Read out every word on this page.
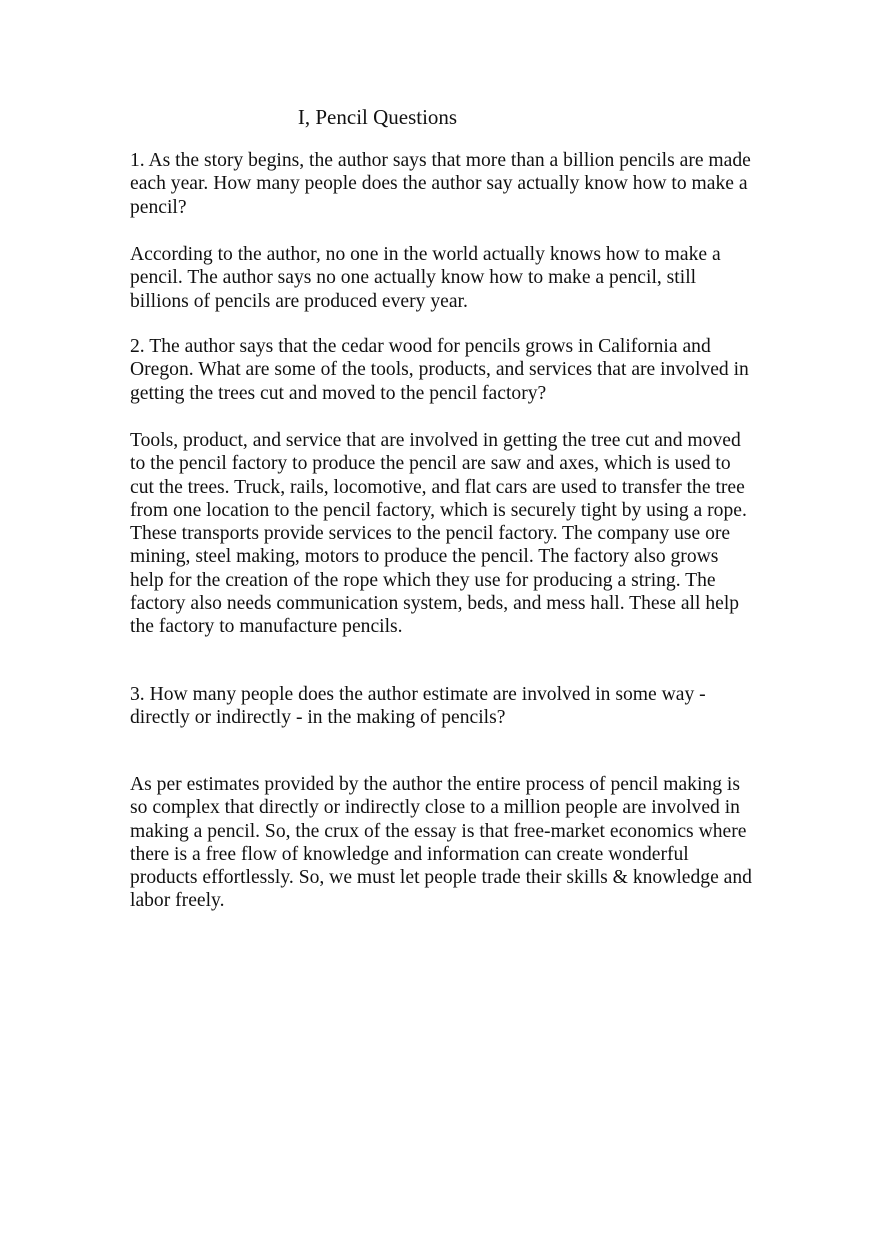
I, Pencil Questions

1. As the story begins, the author says that more than a billion pencils are made each year. How many people does the author say actually know how to make a pencil?

According to the author, no one in the world actually knows how to make a pencil. The author says no one actually know how to make a pencil, still billions of pencils are produced every year.

2. The author says that the cedar wood for pencils grows in California and Oregon. What are some of the tools, products, and services that are involved in getting the trees cut and moved to the pencil factory?

Tools, product, and service that are involved in getting the tree cut and moved to the pencil factory to produce the pencil are saw and axes, which is used to cut the trees. Truck, rails, locomotive, and flat cars are used to transfer the tree from one location to the pencil factory, which is securely tight by using a rope. These transports provide services to the pencil factory. The company use ore mining, steel making, motors to produce the pencil. The factory also grows help for the creation of the rope which they use for producing a string. The factory also needs communication system, beds, and mess hall. These all help the factory to manufacture pencils.

3. How many people does the author estimate are involved in some way - directly or indirectly - in the making of pencils?

As per estimates provided by the author the entire process of pencil making is so complex that directly or indirectly close to a million people are involved in making a pencil. So, the crux of the essay is that free-market economics where there is a free flow of knowledge and information can create wonderful products effortlessly. So, we must let people trade their skills & knowledge and labor freely.
